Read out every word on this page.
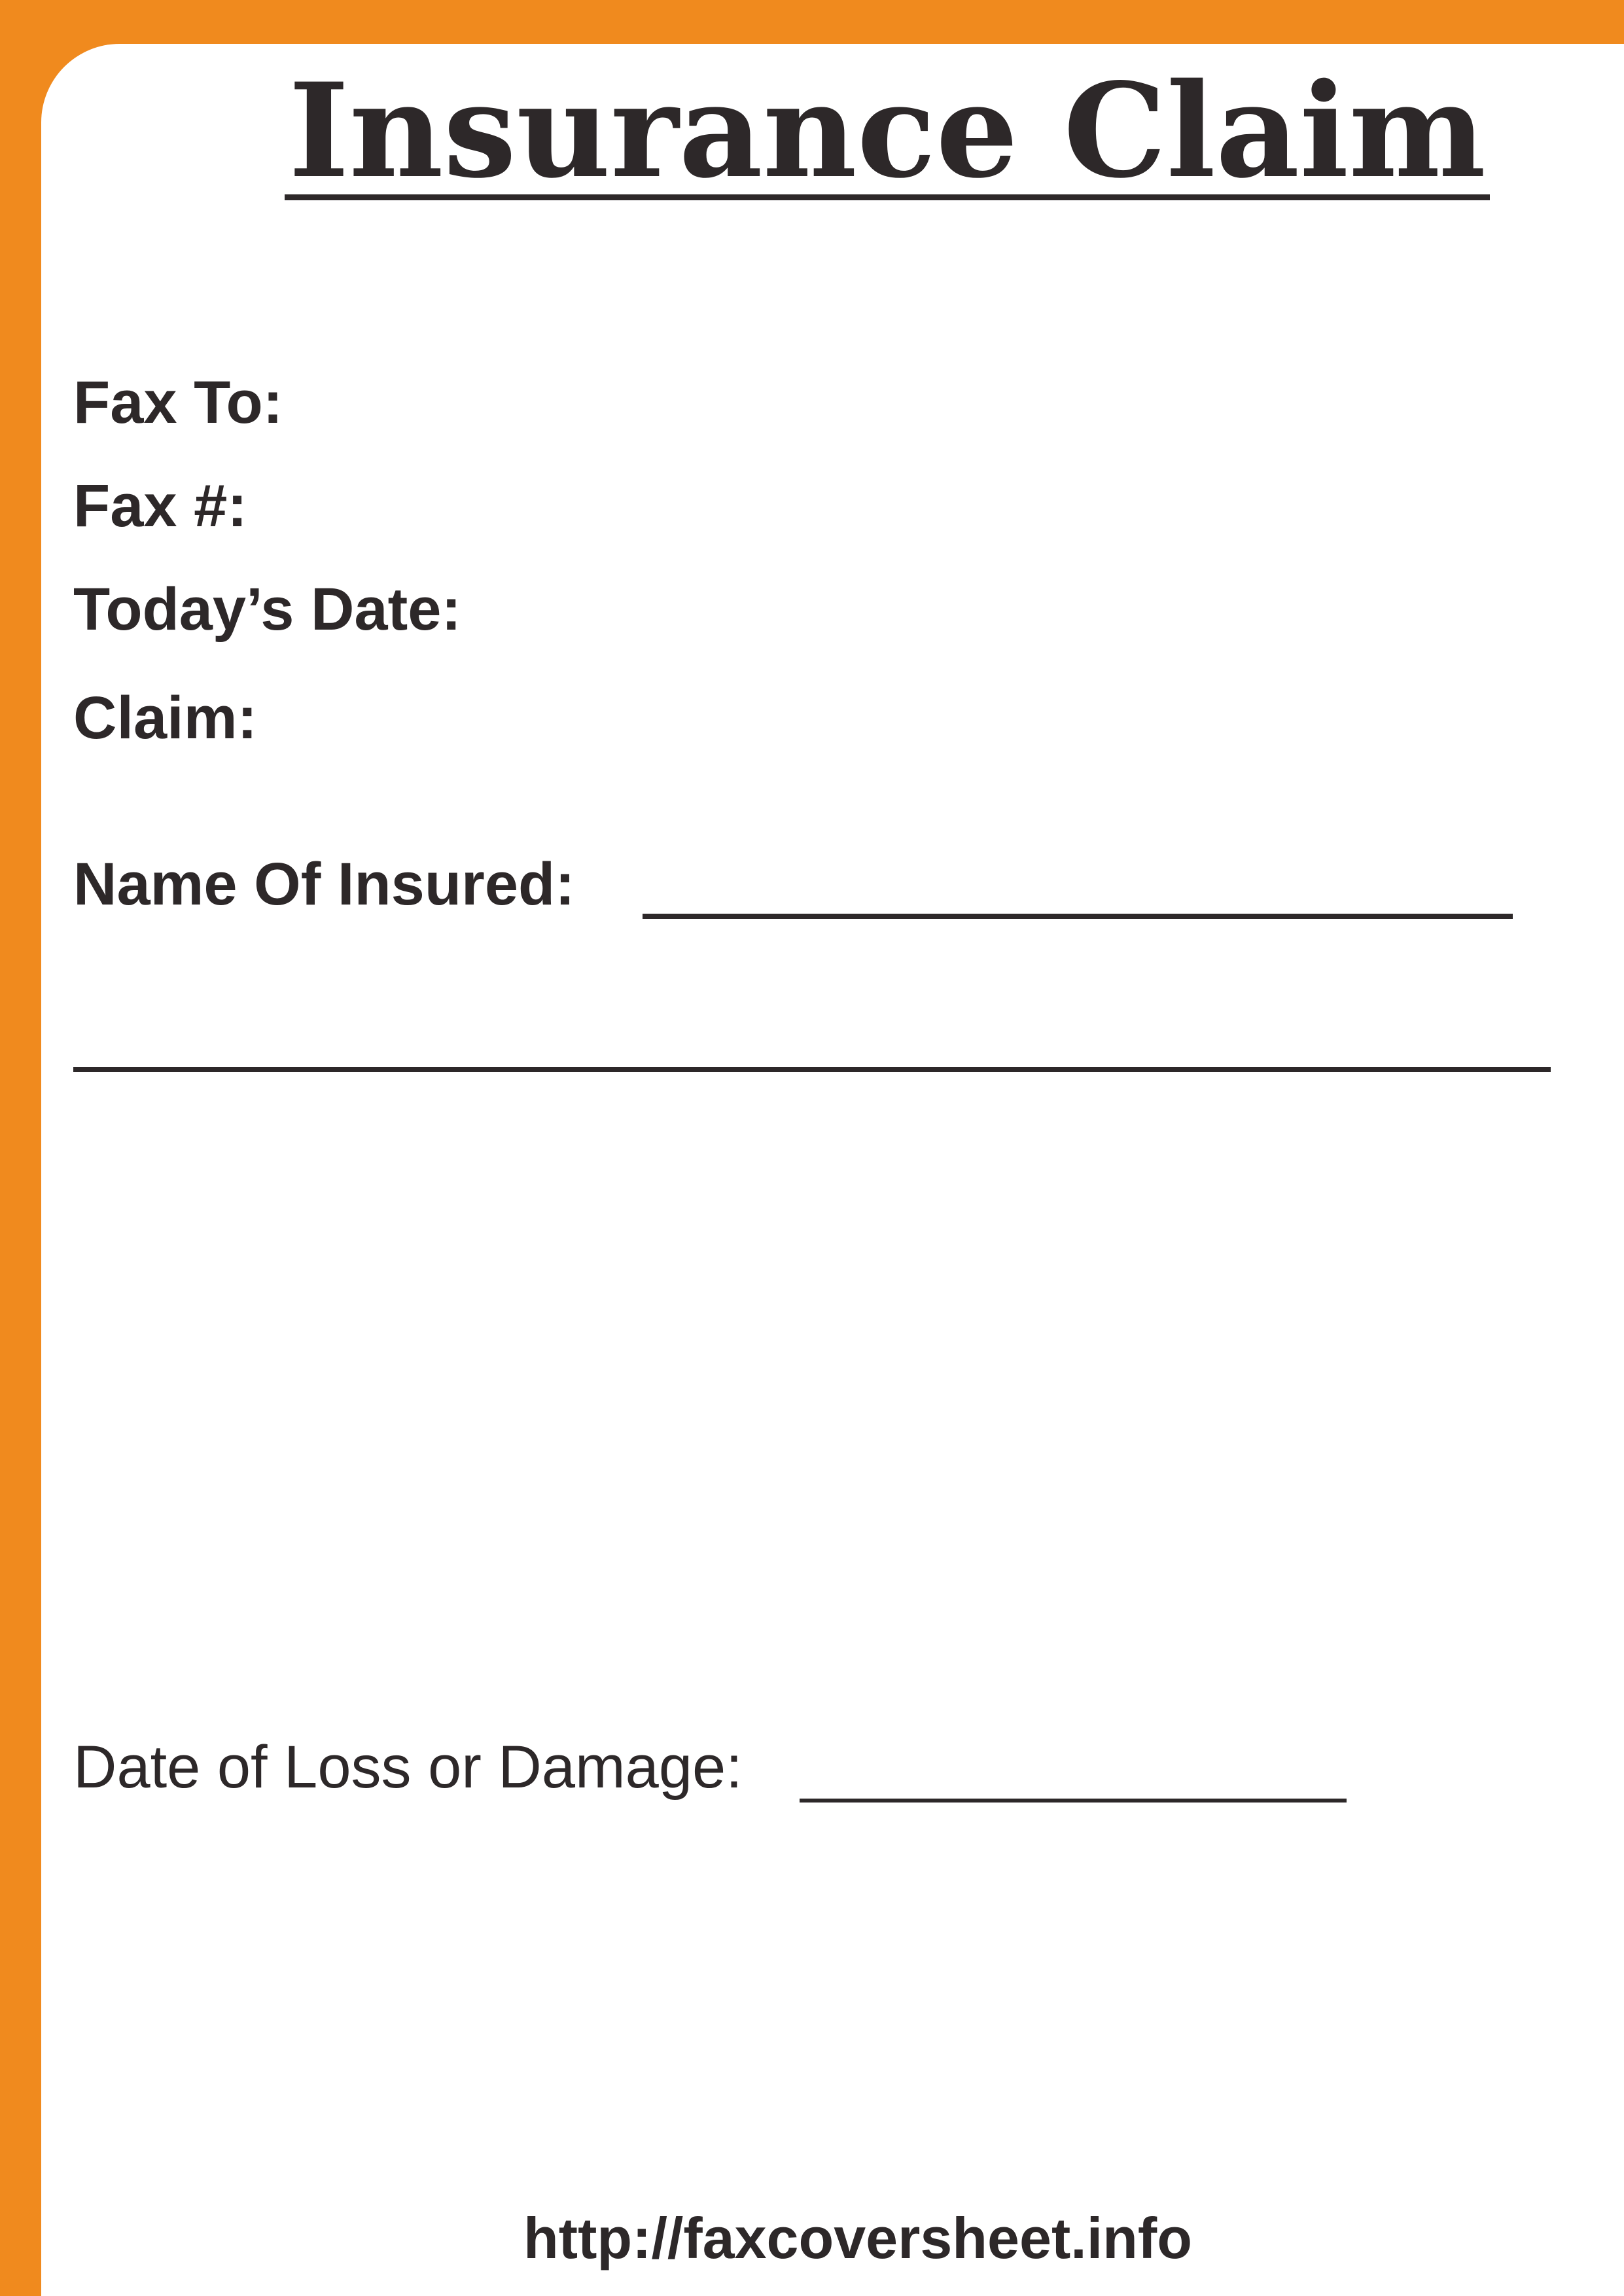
Insurance Claim
Fax To:
Fax #:
Today’s Date:
Claim:
Name Of Insured:
Date of Loss or Damage:
http://faxcoversheet.info
